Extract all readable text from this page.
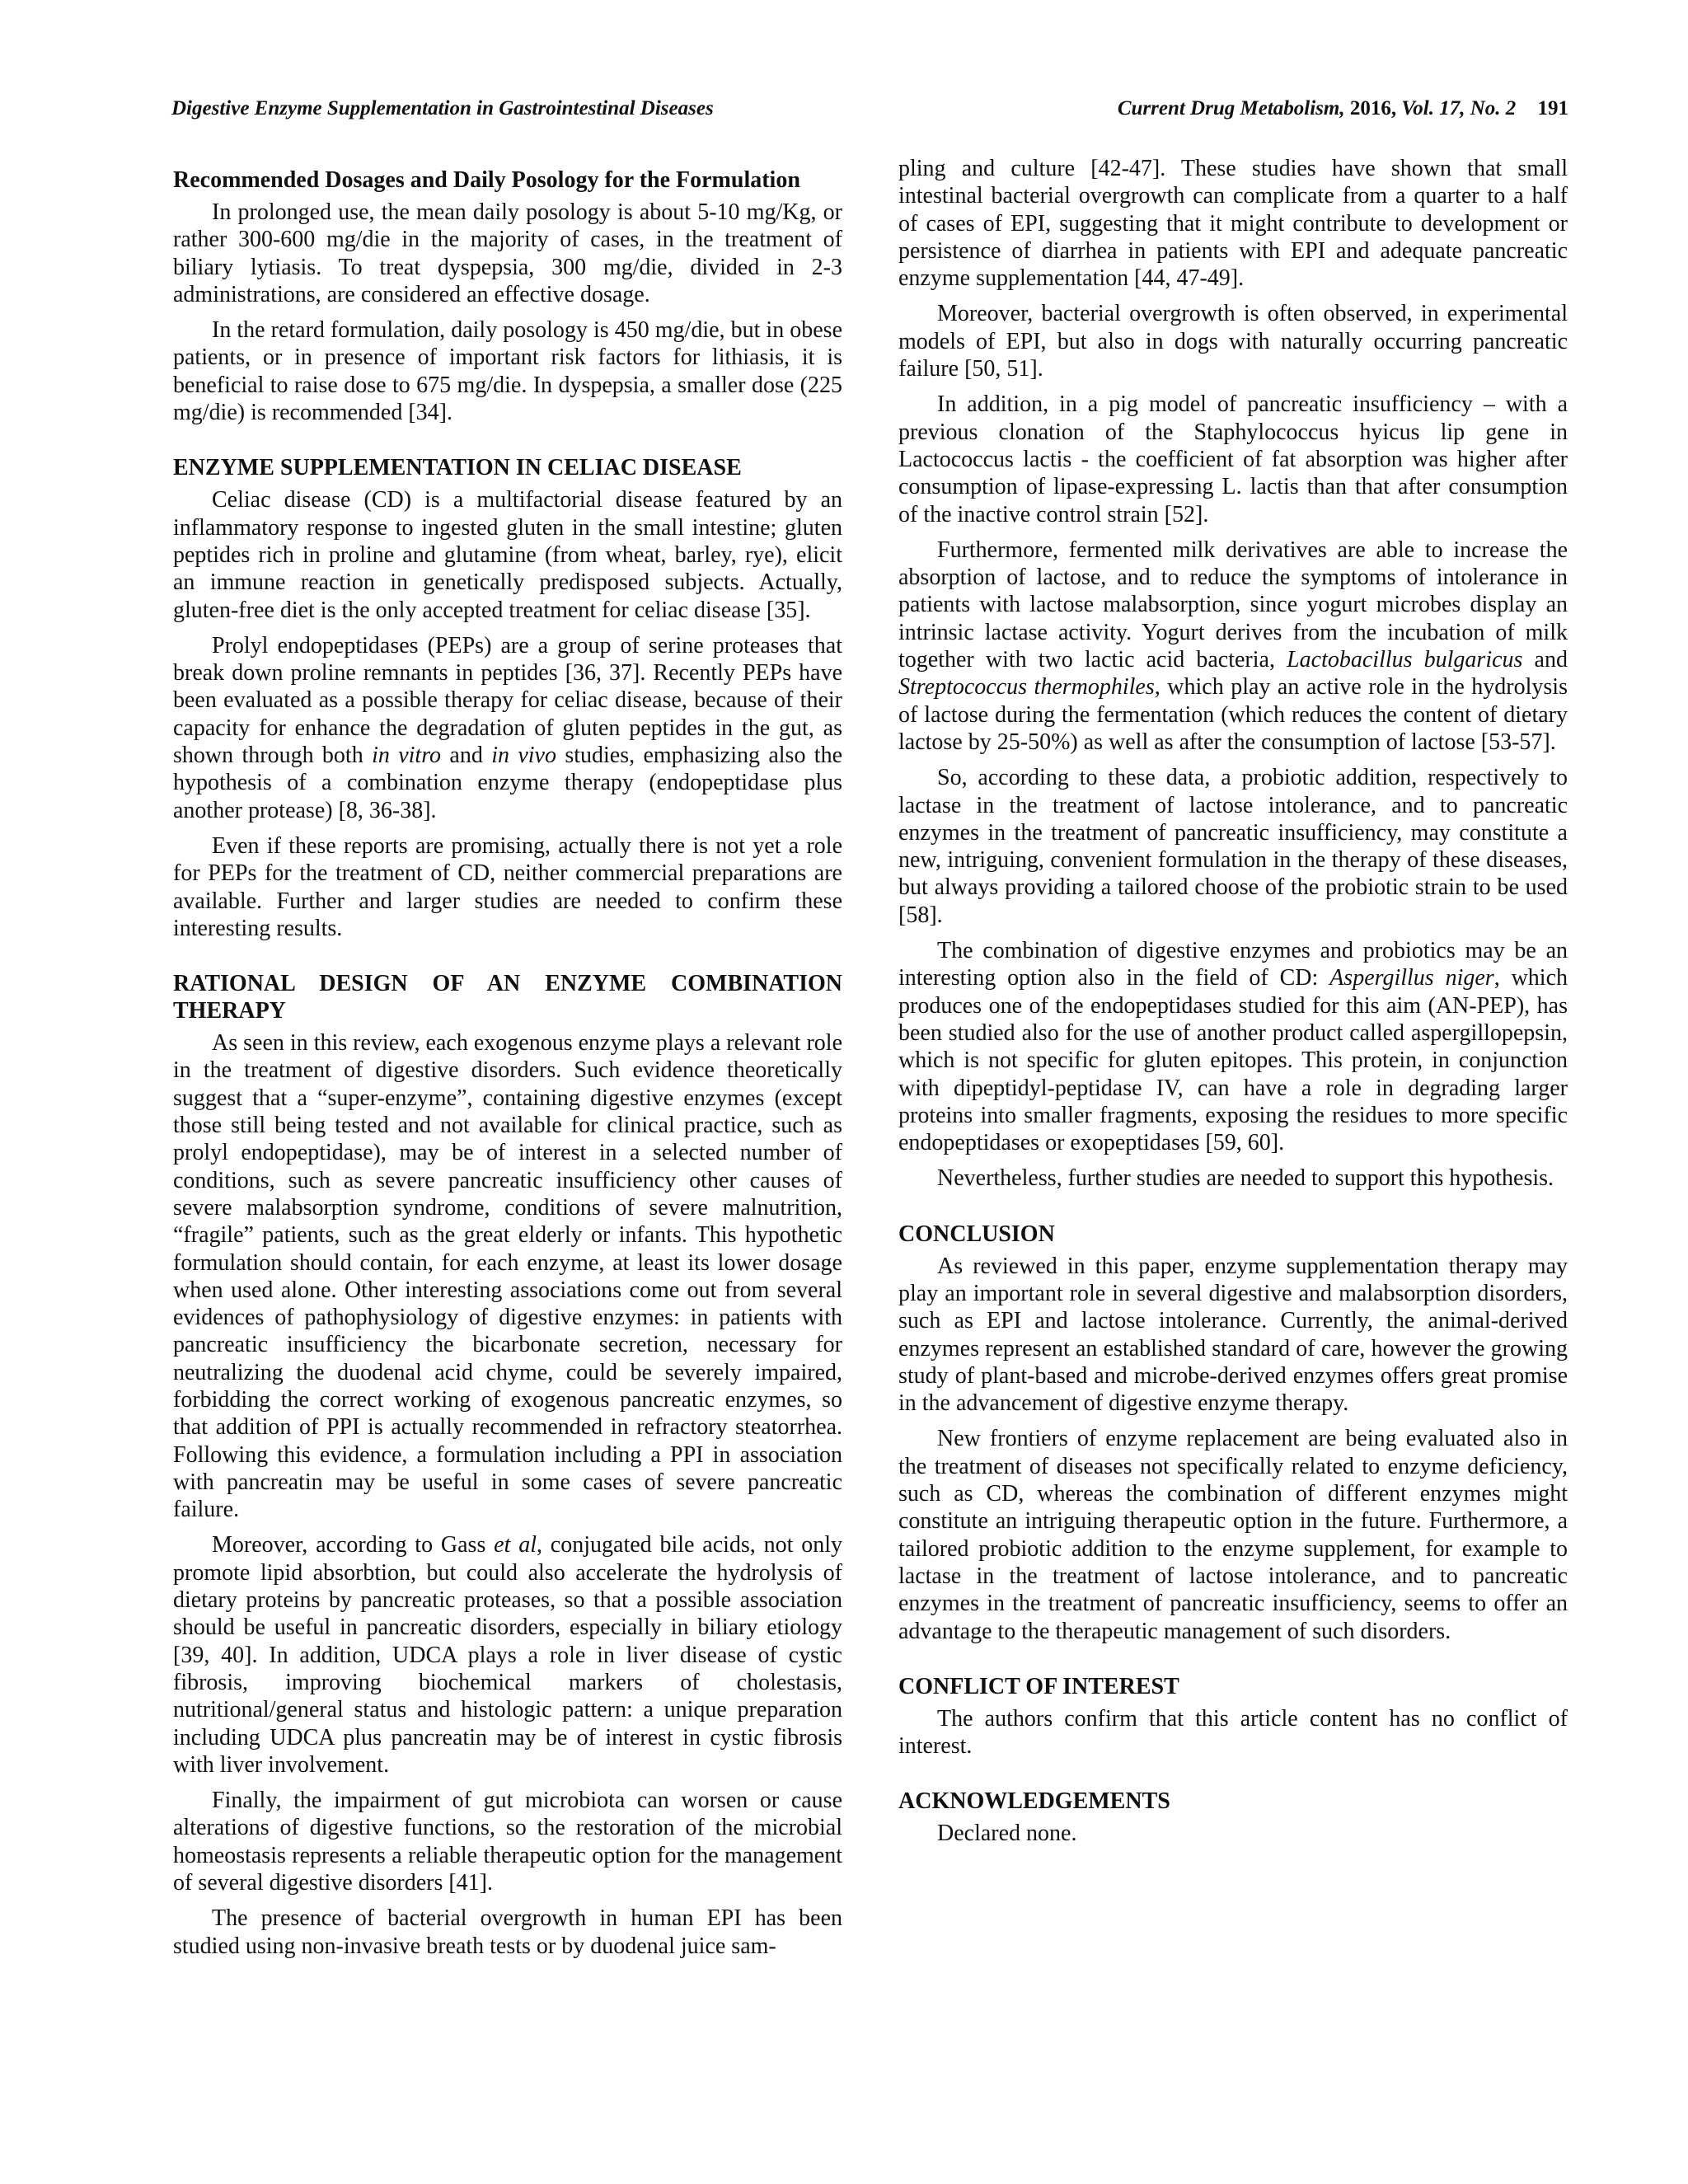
Digestive Enzyme Supplementation in Gastrointestinal Diseases	Current Drug Metabolism, 2016, Vol. 17, No. 2 191
Recommended Dosages and Daily Posology for the Formulation

In prolonged use, the mean daily posology is about 5-10 mg/Kg, or rather 300-600 mg/die in the majority of cases, in the treatment of biliary lytiasis. To treat dyspepsia, 300 mg/die, divided in 2-3 administrations, are considered an effective dosage.

In the retard formulation, daily posology is 450 mg/die, but in obese patients, or in presence of important risk factors for lithiasis, it is beneficial to raise dose to 675 mg/die. In dyspepsia, a smaller dose (225 mg/die) is recommended [34].

ENZYME SUPPLEMENTATION IN CELIAC DISEASE

Celiac disease (CD) is a multifactorial disease featured by an inflammatory response to ingested gluten in the small intestine; gluten peptides rich in proline and glutamine (from wheat, barley, rye), elicit an immune reaction in genetically predisposed subjects. Actually, gluten-free diet is the only accepted treatment for celiac disease [35].

Prolyl endopeptidases (PEPs) are a group of serine proteases that break down proline remnants in peptides [36, 37]. Recently PEPs have been evaluated as a possible therapy for celiac disease, because of their capacity for enhance the degradation of gluten peptides in the gut, as shown through both in vitro and in vivo studies, emphasizing also the hypothesis of a combination enzyme therapy (endopeptidase plus another protease) [8, 36-38].

Even if these reports are promising, actually there is not yet a role for PEPs for the treatment of CD, neither commercial preparations are available. Further and larger studies are needed to confirm these interesting results.

RATIONAL DESIGN OF AN ENZYME COMBINATION THERAPY

As seen in this review, each exogenous enzyme plays a relevant role in the treatment of digestive disorders. Such evidence theoretically suggest that a “super-enzyme”, containing digestive enzymes (except those still being tested and not available for clinical practice, such as prolyl endopeptidase), may be of interest in a selected number of conditions, such as severe pancreatic insufficiency other causes of severe malabsorption syndrome, conditions of severe malnutrition, “fragile” patients, such as the great elderly or infants. This hypothetic formulation should contain, for each enzyme, at least its lower dosage when used alone. Other interesting associations come out from several evidences of pathophysiology of digestive enzymes: in patients with pancreatic insufficiency the bicarbonate secretion, necessary for neutralizing the duodenal acid chyme, could be severely impaired, forbidding the correct working of exogenous pancreatic enzymes, so that addition of PPI is actually recommended in refractory steatorrhea. Following this evidence, a formulation including a PPI in association with pancreatin may be useful in some cases of severe pancreatic failure.

Moreover, according to Gass et al, conjugated bile acids, not only promote lipid absorbtion, but could also accelerate the hydrolysis of dietary proteins by pancreatic proteases, so that a possible association should be useful in pancreatic disorders, especially in biliary etiology [39, 40]. In addition, UDCA plays a role in liver disease of cystic fibrosis, improving biochemical markers of cholestasis, nutritional/general status and histologic pattern: a unique preparation including UDCA plus pancreatin may be of interest in cystic fibrosis with liver involvement.

Finally, the impairment of gut microbiota can worsen or cause alterations of digestive functions, so the restoration of the microbial homeostasis represents a reliable therapeutic option for the management of several digestive disorders [41].

The presence of bacterial overgrowth in human EPI has been studied using non-invasive breath tests or by duodenal juice sam-

pling and culture [42-47]. These studies have shown that small intestinal bacterial overgrowth can complicate from a quarter to a half of cases of EPI, suggesting that it might contribute to development or persistence of diarrhea in patients with EPI and adequate pancreatic enzyme supplementation [44, 47-49].

Moreover, bacterial overgrowth is often observed, in experimental models of EPI, but also in dogs with naturally occurring pancreatic failure [50, 51].

In addition, in a pig model of pancreatic insufficiency – with a previous clonation of the Staphylococcus hyicus lip gene in Lactococcus lactis - the coefficient of fat absorption was higher after consumption of lipase-expressing L. lactis than that after consumption of the inactive control strain [52].

Furthermore, fermented milk derivatives are able to increase the absorption of lactose, and to reduce the symptoms of intolerance in patients with lactose malabsorption, since yogurt microbes display an intrinsic lactase activity. Yogurt derives from the incubation of milk together with two lactic acid bacteria, Lactobacillus bulgaricus and Streptococcus thermophiles, which play an active role in the hydrolysis of lactose during the fermentation (which reduces the content of dietary lactose by 25-50%) as well as after the consumption of lactose [53-57].

So, according to these data, a probiotic addition, respectively to lactase in the treatment of lactose intolerance, and to pancreatic enzymes in the treatment of pancreatic insufficiency, may constitute a new, intriguing, convenient formulation in the therapy of these diseases, but always providing a tailored choose of the probiotic strain to be used [58].

The combination of digestive enzymes and probiotics may be an interesting option also in the field of CD: Aspergillus niger, which produces one of the endopeptidases studied for this aim (AN-PEP), has been studied also for the use of another product called aspergillopepsin, which is not specific for gluten epitopes. This protein, in conjunction with dipeptidyl-peptidase IV, can have a role in degrading larger proteins into smaller fragments, exposing the residues to more specific endopeptidases or exopeptidases [59, 60].

Nevertheless, further studies are needed to support this hypothesis.

CONCLUSION

As reviewed in this paper, enzyme supplementation therapy may play an important role in several digestive and malabsorption disorders, such as EPI and lactose intolerance. Currently, the animal-derived enzymes represent an established standard of care, however the growing study of plant-based and microbe-derived enzymes offers great promise in the advancement of digestive enzyme therapy.

New frontiers of enzyme replacement are being evaluated also in the treatment of diseases not specifically related to enzyme deficiency, such as CD, whereas the combination of different enzymes might constitute an intriguing therapeutic option in the future. Furthermore, a tailored probiotic addition to the enzyme supplement, for example to lactase in the treatment of lactose intolerance, and to pancreatic enzymes in the treatment of pancreatic insufficiency, seems to offer an advantage to the therapeutic management of such disorders.

CONFLICT OF INTEREST

The authors confirm that this article content has no conflict of interest.

ACKNOWLEDGEMENTS

Declared none.
